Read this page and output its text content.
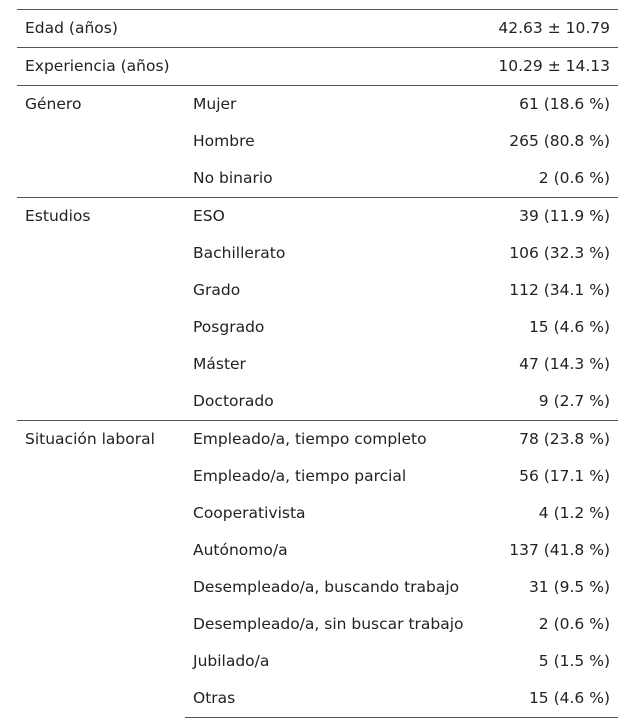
Edad (años)		42.63 ± 10.79
Experiencia (años)		10.29 ± 14.13
Género	Mujer	61 (18.6 %)
	Hombre	265 (80.8 %)
	No binario	2 (0.6 %)
Estudios	ESO	39 (11.9 %)
	Bachillerato	106 (32.3 %)
	Grado	112 (34.1 %)
	Posgrado	15 (4.6 %)
	Máster	47 (14.3 %)
	Doctorado	9 (2.7 %)
Situación laboral	Empleado/a, tiempo completo	78 (23.8 %)
	Empleado/a, tiempo parcial	56 (17.1 %)
	Cooperativista	4 (1.2 %)
	Autónomo/a	137 (41.8 %)
	Desempleado/a, buscando trabajo	31 (9.5 %)
	Desempleado/a, sin buscar trabajo	2 (0.6 %)
	Jubilado/a	5 (1.5 %)
	Otras	15 (4.6 %)
